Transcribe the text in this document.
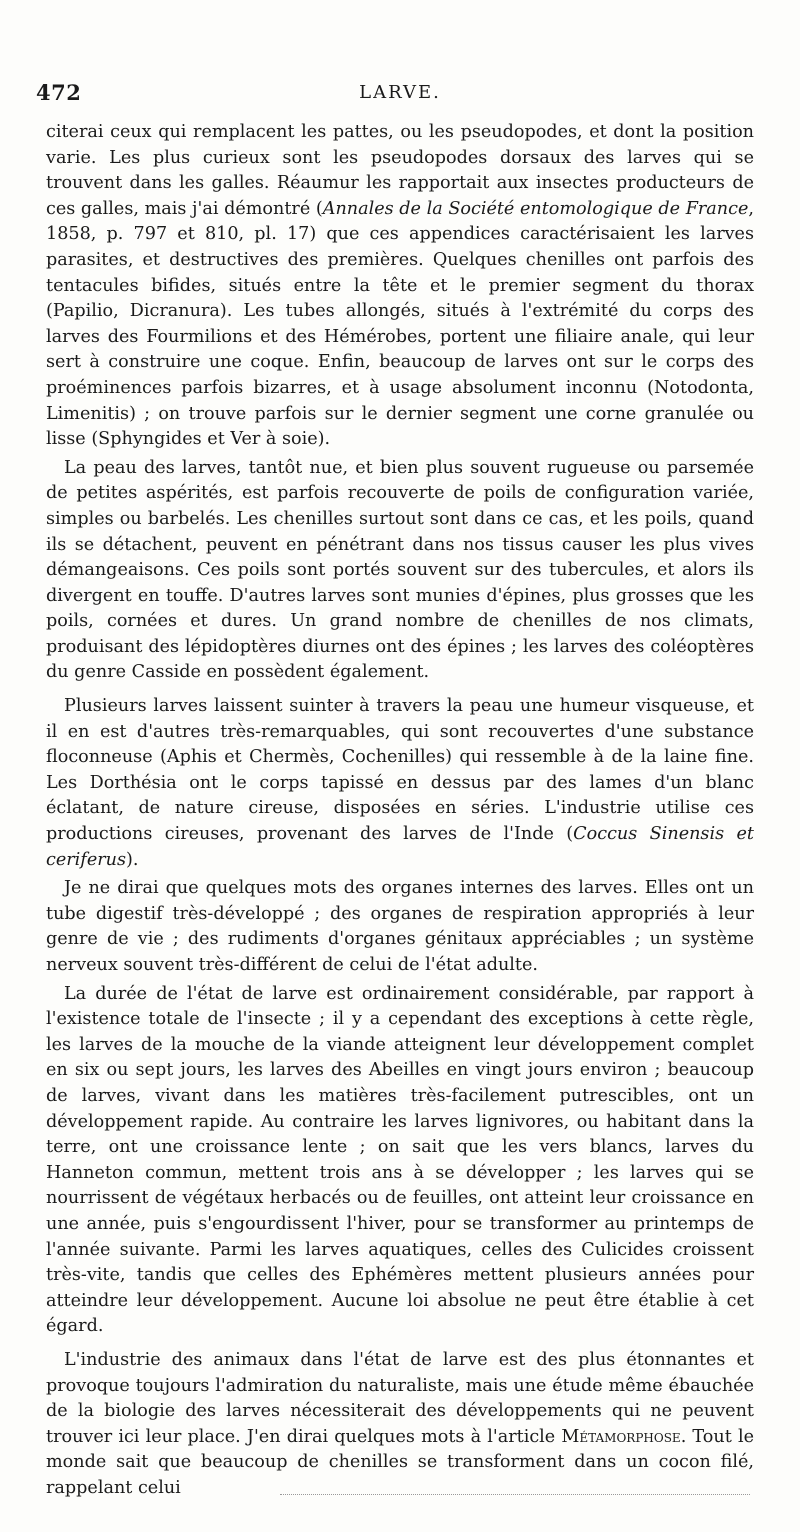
472	LARVE.

citerai ceux qui remplacent les pattes, ou les pseudopodes, et dont la position varie. Les plus curieux sont les pseudopodes dorsaux des larves qui se trouvent dans les galles. Réaumur les rapportait aux insectes producteurs de ces galles, mais j'ai démontré (Annales de la Société entomologique de France, 1858, p. 797 et 810, pl. 17) que ces appendices caractérisaient les larves parasites, et destructives des premières. Quelques chenilles ont parfois des tentacules bifides, situés entre la tête et le premier segment du thorax (Papilio, Dicranura). Les tubes allongés, situés à l'extrémité du corps des larves des Fourmilions et des Hémérobes, portent une filiaire anale, qui leur sert à construire une coque. Enfin, beaucoup de larves ont sur le corps des proéminences parfois bizarres, et à usage absolument inconnu (Notodonta, Limenitis) ; on trouve parfois sur le dernier segment une corne granulée ou lisse (Sphyngides et Ver à soie).

La peau des larves, tantôt nue, et bien plus souvent rugueuse ou parsemée de petites aspérités, est parfois recouverte de poils de configuration variée, simples ou barbelés. Les chenilles surtout sont dans ce cas, et les poils, quand ils se détachent, peuvent en pénétrant dans nos tissus causer les plus vives démangeaisons. Ces poils sont portés souvent sur des tubercules, et alors ils divergent en touffe. D'autres larves sont munies d'épines, plus grosses que les poils, cornées et dures. Un grand nombre de chenilles de nos climats, produisant des lépidoptères diurnes ont des épines ; les larves des coléoptères du genre Casside en possèdent également.

Plusieurs larves laissent suinter à travers la peau une humeur visqueuse, et il en est d'autres très-remarquables, qui sont recouvertes d'une substance floconneuse (Aphis et Chermès, Cochenilles) qui ressemble à de la laine fine. Les Dorthésia ont le corps tapissé en dessus par des lames d'un blanc éclatant, de nature cireuse, disposées en séries. L'industrie utilise ces productions cireuses, provenant des larves de l'Inde (Coccus Sinensis et ceriferus).

Je ne dirai que quelques mots des organes internes des larves. Elles ont un tube digestif très-développé ; des organes de respiration appropriés à leur genre de vie ; des rudiments d'organes génitaux appréciables ; un système nerveux souvent très-différent de celui de l'état adulte.

La durée de l'état de larve est ordinairement considérable, par rapport à l'existence totale de l'insecte ; il y a cependant des exceptions à cette règle, les larves de la mouche de la viande atteignent leur développement complet en six ou sept jours, les larves des Abeilles en vingt jours environ ; beaucoup de larves, vivant dans les matières très-facilement putrescibles, ont un développement rapide. Au contraire les larves lignivores, ou habitant dans la terre, ont une croissance lente ; on sait que les vers blancs, larves du Hanneton commun, mettent trois ans à se développer ; les larves qui se nourrissent de végétaux herbacés ou de feuilles, ont atteint leur croissance en une année, puis s'engourdissent l'hiver, pour se transformer au printemps de l'année suivante. Parmi les larves aquatiques, celles des Culicides croissent très-vite, tandis que celles des Ephémères mettent plusieurs années pour atteindre leur développement. Aucune loi absolue ne peut être établie à cet égard.

L'industrie des animaux dans l'état de larve est des plus étonnantes et provoque toujours l'admiration du naturaliste, mais une étude même ébauchée de la biologie des larves nécessiterait des développements qui ne peuvent trouver ici leur place. J'en dirai quelques mots à l'article Métamorphose. Tout le monde sait que beaucoup de chenilles se transforment dans un cocon filé, rappelant celui
